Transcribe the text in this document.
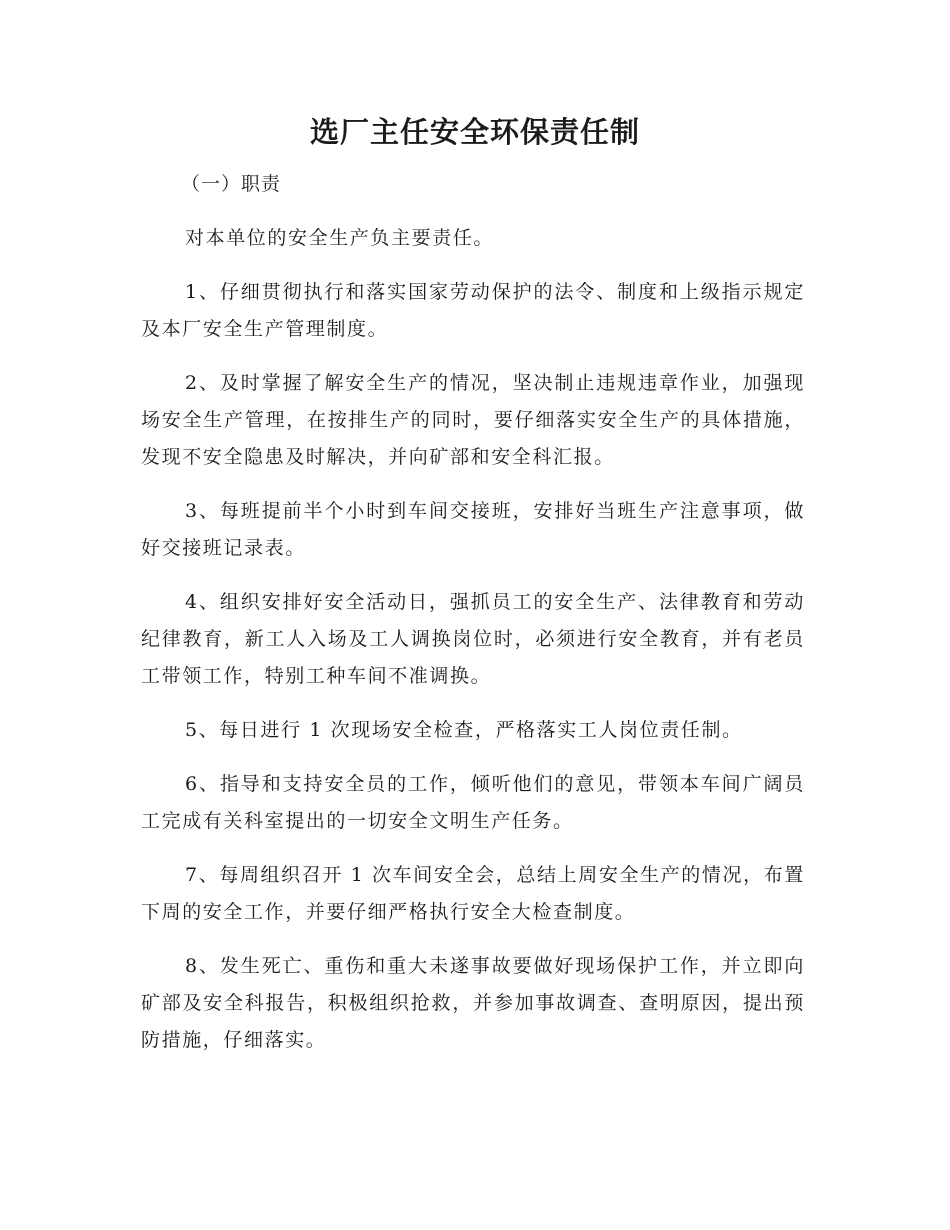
选厂主任安全环保责任制

（一）职责

对本单位的安全生产负主要责任。

1、仔细贯彻执行和落实国家劳动保护的法令、制度和上级指示规定及本厂安全生产管理制度。

2、及时掌握了解安全生产的情况，坚决制止违规违章作业，加强现场安全生产管理，在按排生产的同时，要仔细落实安全生产的具体措施，发现不安全隐患及时解决，并向矿部和安全科汇报。

3、每班提前半个小时到车间交接班，安排好当班生产注意事项，做好交接班记录表。

4、组织安排好安全活动日，强抓员工的安全生产、法律教育和劳动纪律教育，新工人入场及工人调换岗位时，必须进行安全教育，并有老员工带领工作，特别工种车间不准调换。

5、每日进行 1 次现场安全检查，严格落实工人岗位责任制。

6、指导和支持安全员的工作，倾听他们的意见，带领本车间广阔员工完成有关科室提出的一切安全文明生产任务。

7、每周组织召开 1 次车间安全会，总结上周安全生产的情况，布置下周的安全工作，并要仔细严格执行安全大检查制度。

8、发生死亡、重伤和重大未遂事故要做好现场保护工作，并立即向矿部及安全科报告，积极组织抢救，并参加事故调查、查明原因，提出预防措施，仔细落实。
